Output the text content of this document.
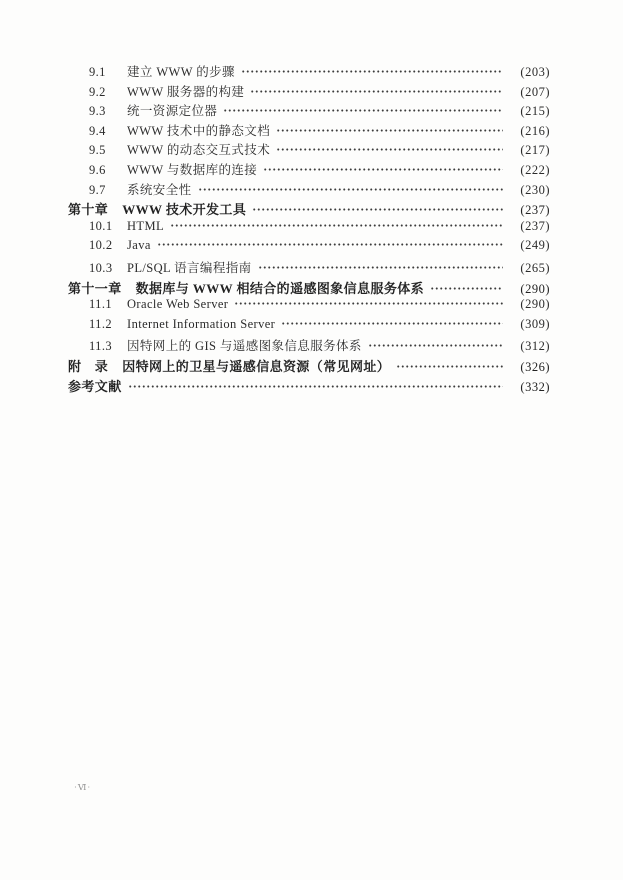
9.1	建立 WWW 的步骤	(203)
9.2	WWW 服务器的构建	(207)
9.3	统一资源定位器	(215)
9.4	WWW 技术中的静态文档	(216)
9.5	WWW 的动态交互式技术	(217)
9.6	WWW 与数据库的连接	(222)
9.7	系统安全性	(230)
第十章 WWW 技术开发工具	(237)
10.1	HTML	(237)
10.2	Java	(249)
10.3	PL/SQL 语言编程指南	(265)
第十一章 数据库与 WWW 相结合的遥感图象信息服务体系	(290)
11.1	Oracle Web Server	(290)
11.2	Internet Information Server	(309)
11.3	因特网上的 GIS 与遥感图象信息服务体系	(312)
附　录 因特网上的卫星与遥感信息资源（常见网址）	(326)
参考文献	(332)
·Ⅵ·
